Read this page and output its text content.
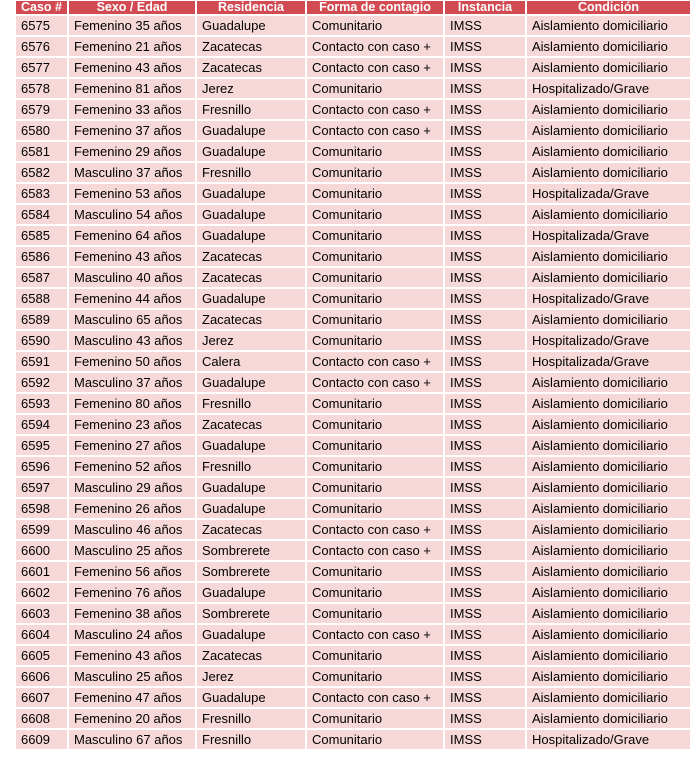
Caso #	Sexo / Edad	Residencia	Forma de contagio	Instancia	Condición
6575	Femenino 35 años	Guadalupe	Comunitario	IMSS	Aislamiento domiciliario
6576	Femenino 21 años	Zacatecas	Contacto con caso +	IMSS	Aislamiento domiciliario
6577	Femenino 43 años	Zacatecas	Contacto con caso +	IMSS	Aislamiento domiciliario
6578	Femenino 81 años	Jerez	Comunitario	IMSS	Hospitalizado/Grave
6579	Femenino 33 años	Fresnillo	Contacto con caso +	IMSS	Aislamiento domiciliario
6580	Femenino 37 años	Guadalupe	Contacto con caso +	IMSS	Aislamiento domiciliario
6581	Femenino 29 años	Guadalupe	Comunitario	IMSS	Aislamiento domiciliario
6582	Masculino 37 años	Fresnillo	Comunitario	IMSS	Aislamiento domiciliario
6583	Femenino 53 años	Guadalupe	Comunitario	IMSS	Hospitalizada/Grave
6584	Masculino 54 años	Guadalupe	Comunitario	IMSS	Aislamiento domiciliario
6585	Femenino 64 años	Guadalupe	Comunitario	IMSS	Hospitalizada/Grave
6586	Femenino 43 años	Zacatecas	Comunitario	IMSS	Aislamiento domiciliario
6587	Masculino 40 años	Zacatecas	Comunitario	IMSS	Aislamiento domiciliario
6588	Femenino 44 años	Guadalupe	Comunitario	IMSS	Hospitalizado/Grave
6589	Masculino 65 años	Zacatecas	Comunitario	IMSS	Aislamiento domiciliario
6590	Masculino 43 años	Jerez	Comunitario	IMSS	Hospitalizado/Grave
6591	Femenino 50 años	Calera	Contacto con caso +	IMSS	Hospitalizada/Grave
6592	Masculino 37 años	Guadalupe	Contacto con caso +	IMSS	Aislamiento domiciliario
6593	Femenino 80 años	Fresnillo	Comunitario	IMSS	Aislamiento domiciliario
6594	Femenino 23 años	Zacatecas	Comunitario	IMSS	Aislamiento domiciliario
6595	Femenino 27 años	Guadalupe	Comunitario	IMSS	Aislamiento domiciliario
6596	Femenino 52 años	Fresnillo	Comunitario	IMSS	Aislamiento domiciliario
6597	Masculino 29 años	Guadalupe	Comunitario	IMSS	Aislamiento domiciliario
6598	Femenino 26 años	Guadalupe	Comunitario	IMSS	Aislamiento domiciliario
6599	Masculino 46 años	Zacatecas	Contacto con caso +	IMSS	Aislamiento domiciliario
6600	Masculino 25 años	Sombrerete	Contacto con caso +	IMSS	Aislamiento domiciliario
6601	Femenino 56 años	Sombrerete	Comunitario	IMSS	Aislamiento domiciliario
6602	Femenino 76 años	Guadalupe	Comunitario	IMSS	Aislamiento domiciliario
6603	Femenino 38 años	Sombrerete	Comunitario	IMSS	Aislamiento domiciliario
6604	Masculino 24 años	Guadalupe	Contacto con caso +	IMSS	Aislamiento domiciliario
6605	Femenino 43 años	Zacatecas	Comunitario	IMSS	Aislamiento domiciliario
6606	Masculino 25 años	Jerez	Comunitario	IMSS	Aislamiento domiciliario
6607	Femenino 47 años	Guadalupe	Contacto con caso +	IMSS	Aislamiento domiciliario
6608	Femenino 20 años	Fresnillo	Comunitario	IMSS	Aislamiento domiciliario
6609	Masculino 67 años	Fresnillo	Comunitario	IMSS	Hospitalizado/Grave
